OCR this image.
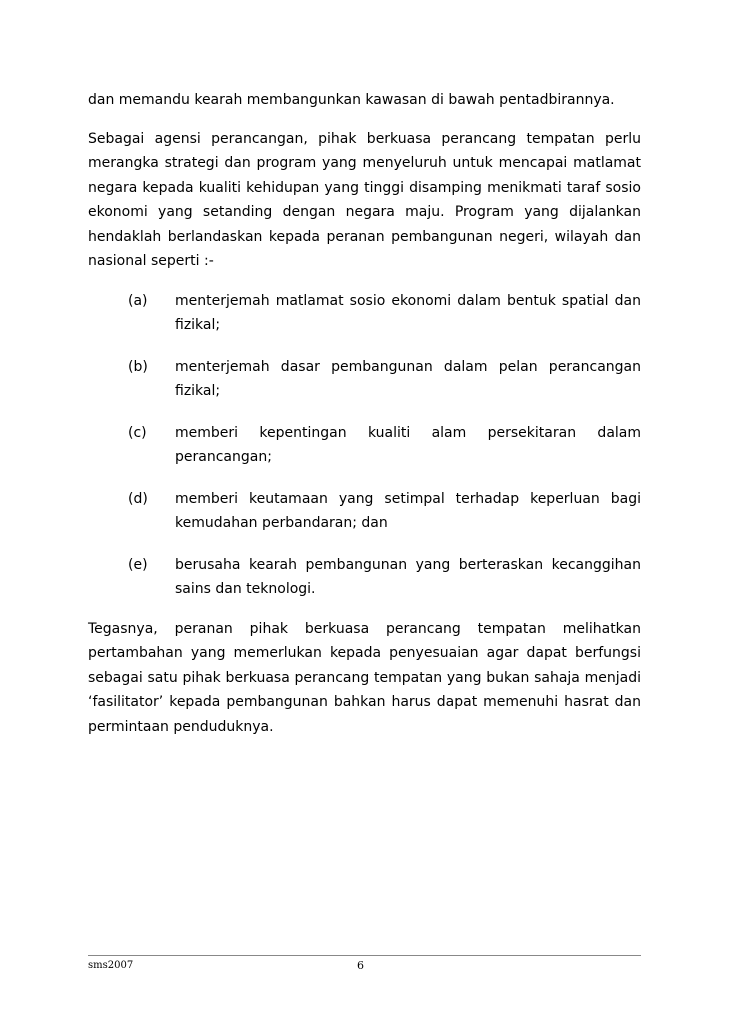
dan memandu kearah membangunkan kawasan di bawah pentadbirannya.

Sebagai agensi perancangan, pihak berkuasa perancang tempatan perlu merangka strategi dan program yang menyeluruh untuk mencapai matlamat negara kepada kualiti kehidupan yang tinggi disamping menikmati taraf sosio ekonomi yang setanding dengan negara maju. Program yang dijalankan hendaklah berlandaskan kepada peranan pembangunan negeri, wilayah dan nasional seperti :-

(a)	menterjemah matlamat sosio ekonomi dalam bentuk spatial dan fizikal;
(b)	menterjemah dasar pembangunan dalam pelan perancangan fizikal;
(c)	memberi kepentingan kualiti alam persekitaran dalam perancangan;
(d)	memberi keutamaan yang setimpal terhadap keperluan bagi kemudahan perbandaran; dan
(e)	berusaha kearah pembangunan yang berteraskan kecanggihan sains dan teknologi.

Tegasnya, peranan pihak berkuasa perancang tempatan melihatkan pertambahan yang memerlukan kepada penyesuaian agar dapat berfungsi sebagai satu pihak berkuasa perancang tempatan yang bukan sahaja menjadi ‘fasilitator’ kepada pembangunan bahkan harus dapat memenuhi hasrat dan permintaan penduduknya.

sms2007	6
